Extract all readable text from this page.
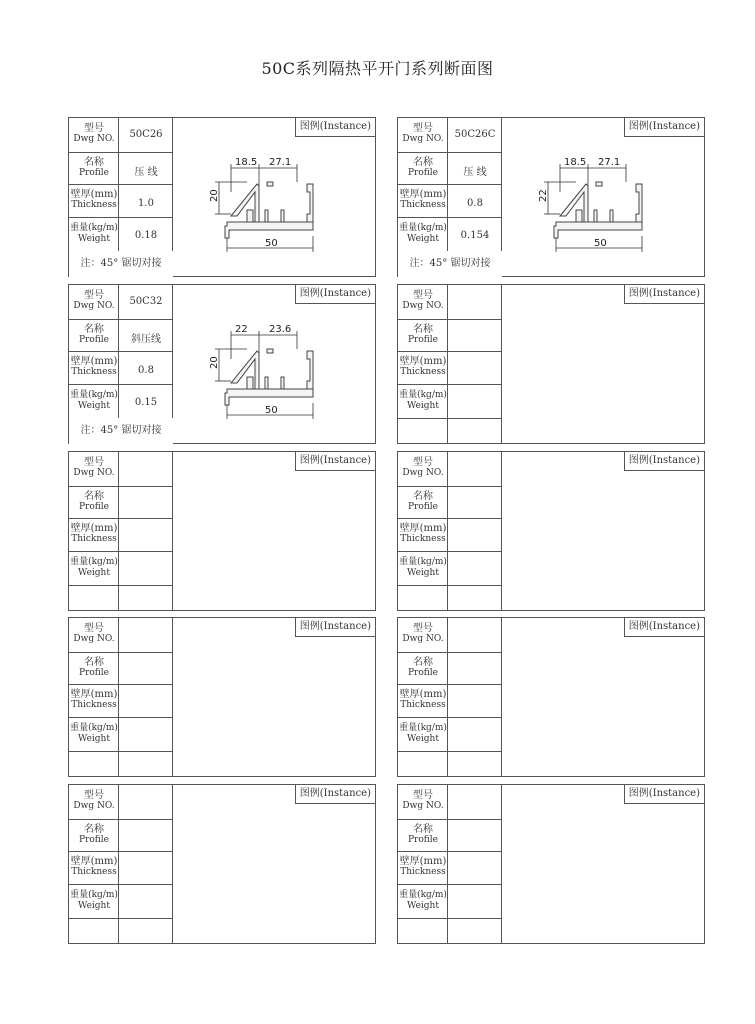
50C系列隔热平开门系列断面图
型号
Dwg NO.	50C26
名称
Profile	压 线
壁厚(mm)
Thickness	1.0
重量(kg/m)
Weight	0.18
图例(Instance)
注：45° 锯切对接
18.5 27.1
20
50
型号
Dwg NO.	50C26C
名称
Profile	压 线
壁厚(mm)
Thickness	0.8
重量(kg/m)
Weight	0.154
图例(Instance)
注：45° 锯切对接
18.5 27.1
22
50
型号
Dwg NO.	50C32
名称
Profile	斜压线
壁厚(mm)
Thickness	0.8
重量(kg/m)
Weight	0.15
图例(Instance)
注：45° 锯切对接
22 23.6
20
50
型号
Dwg NO.
名称
Profile
壁厚(mm)
Thickness
重量(kg/m)
Weight
图例(Instance)
型号
Dwg NO.
名称
Profile
壁厚(mm)
Thickness
重量(kg/m)
Weight
图例(Instance)	型号
Dwg NO.
名称
Profile
壁厚(mm)
Thickness
重量(kg/m)
Weight
图例(Instance)
型号
Dwg NO.
名称
Profile
壁厚(mm)
Thickness
重量(kg/m)
Weight
图例(Instance)	型号
Dwg NO.
名称
Profile
壁厚(mm)
Thickness
重量(kg/m)
Weight
图例(Instance)
型号
Dwg NO.
名称
Profile
壁厚(mm)
Thickness
重量(kg/m)
Weight
图例(Instance)	型号
Dwg NO.
名称
Profile
壁厚(mm)
Thickness
重量(kg/m)
Weight
图例(Instance)
